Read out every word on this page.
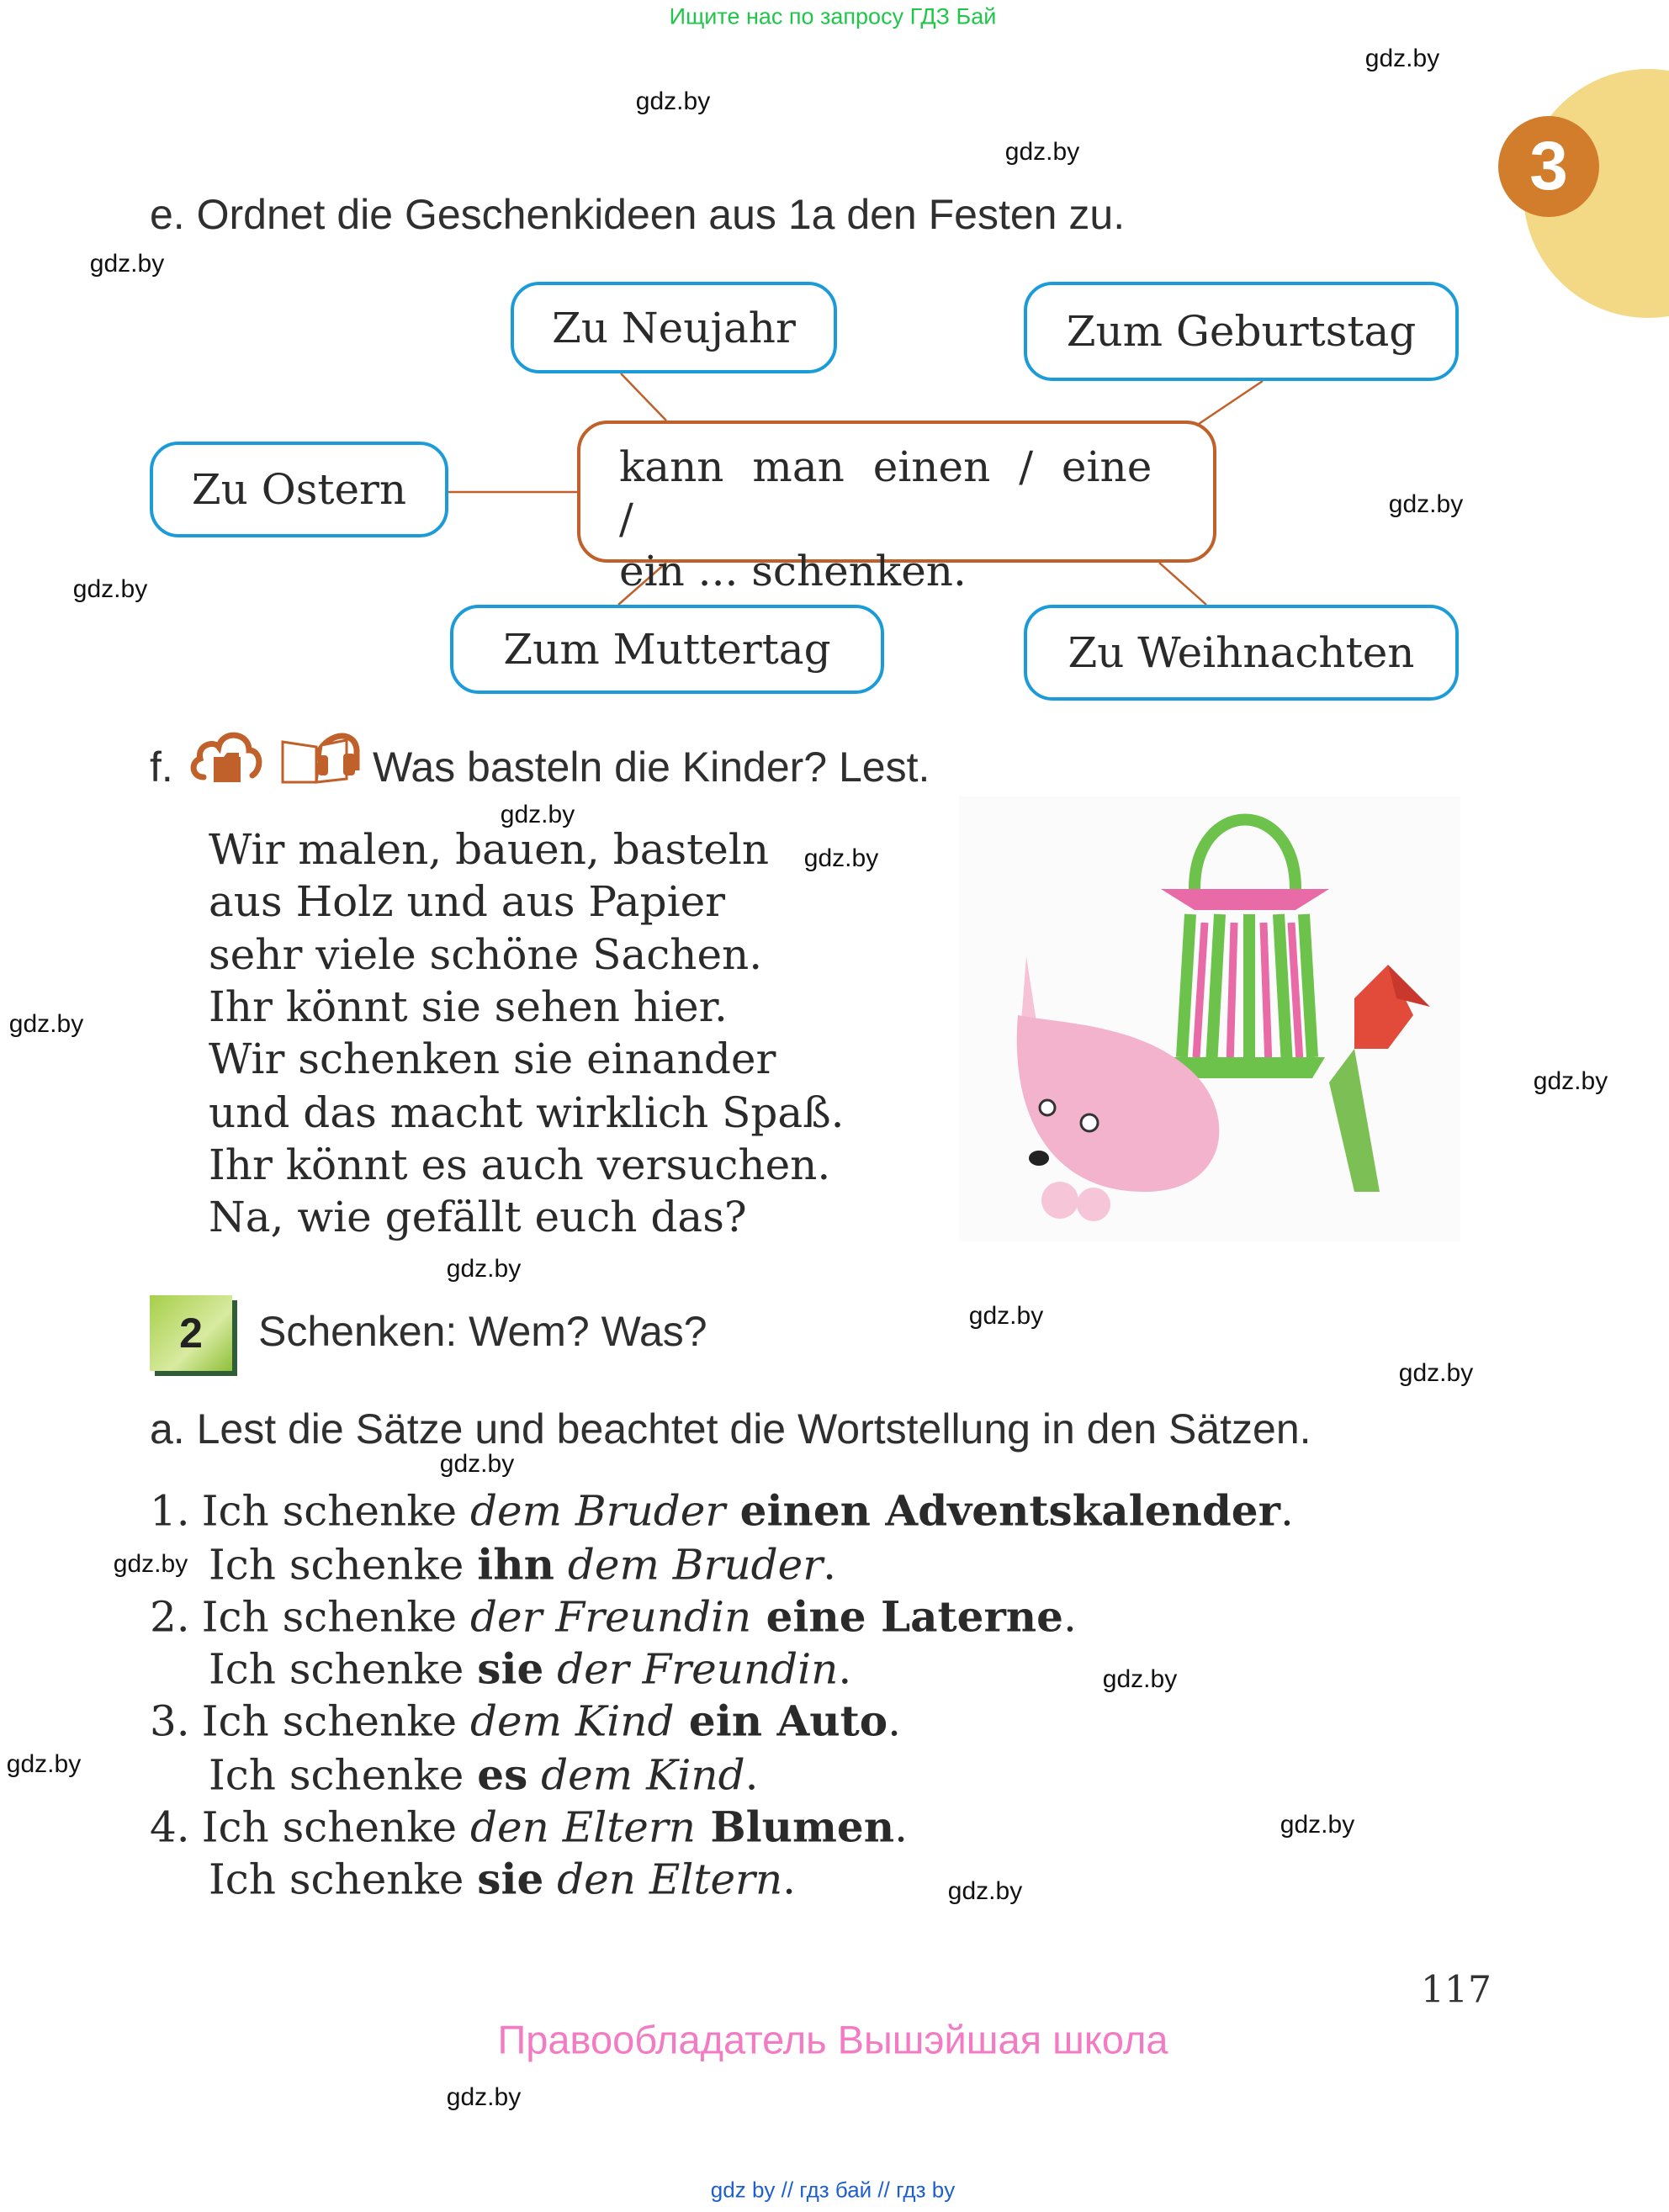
Ищите нас по запросу ГДЗ Бай
3
gdz.by
gdz.by
gdz.by
gdz.by
gdz.by
gdz.by
gdz.by
gdz.by
gdz.by
gdz.by
gdz.by
gdz.by
gdz.by
gdz.by
gdz.by
gdz.by
gdz.by
gdz.by
gdz.by
gdz.by
e. Ordnet die Geschenkideen aus 1a den Festen zu.
Zu Neujahr	Zum Geburtstag
Zu Ostern
Zum Muttertag	Zu Weihnachten
kann man einen / eine /
ein ... schenken.
f.	Was basteln die Kinder? Lest.
Wir malen, bauen, basteln
aus Holz und aus Papier
sehr viele schöne Sachen.
Ihr könnt sie sehen hier.
Wir schenken sie einander
und das macht wirklich Spaß.
Ihr könnt es auch versuchen.
Na, wie gefällt euch das?
2	Schenken: Wem? Was?
a. Lest die Sätze und beachtet die Wortstellung in den Sätzen.
1. Ich schenke dem Bruder einen Adventskalender.
Ich schenke ihn dem Bruder.
2. Ich schenke der Freundin eine Laterne.
Ich schenke sie der Freundin.
3. Ich schenke dem Kind ein Auto.
Ich schenke es dem Kind.
4. Ich schenke den Eltern Blumen.
Ich schenke sie den Eltern.
117
Правообладатель Вышэйшая школа
gdz by // гдз бай // гдз by
